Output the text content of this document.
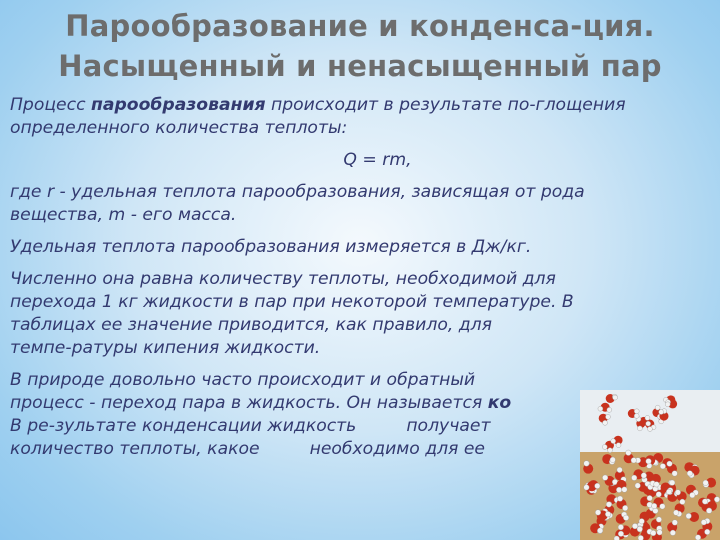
Парообразование и конденса-ция.
Насыщенный и ненасыщенный пар
Процесс парообразования происходит в результате по-глощения
определенного количества теплоты:
Q = rm,
где r - удельная теплота парообразования, зависящая от рода
вещества, m - его масса.
Удельная теплота парообразования измеряется в Дж/кг.
Численно она равна количеству теплоты, необходимой для
перехода 1 кг жидкости в пар при некоторой температуре. В
таблицах ее значение приводится, как правило, для
темпе-ратуры кипения жидкости.
В природе довольно часто происходит и обратный
процесс - переход пара в жидкость. Он называется ко
В ре-зультате конденсации жидкость	получает
количество теплоты, какое	необходимо для ее
